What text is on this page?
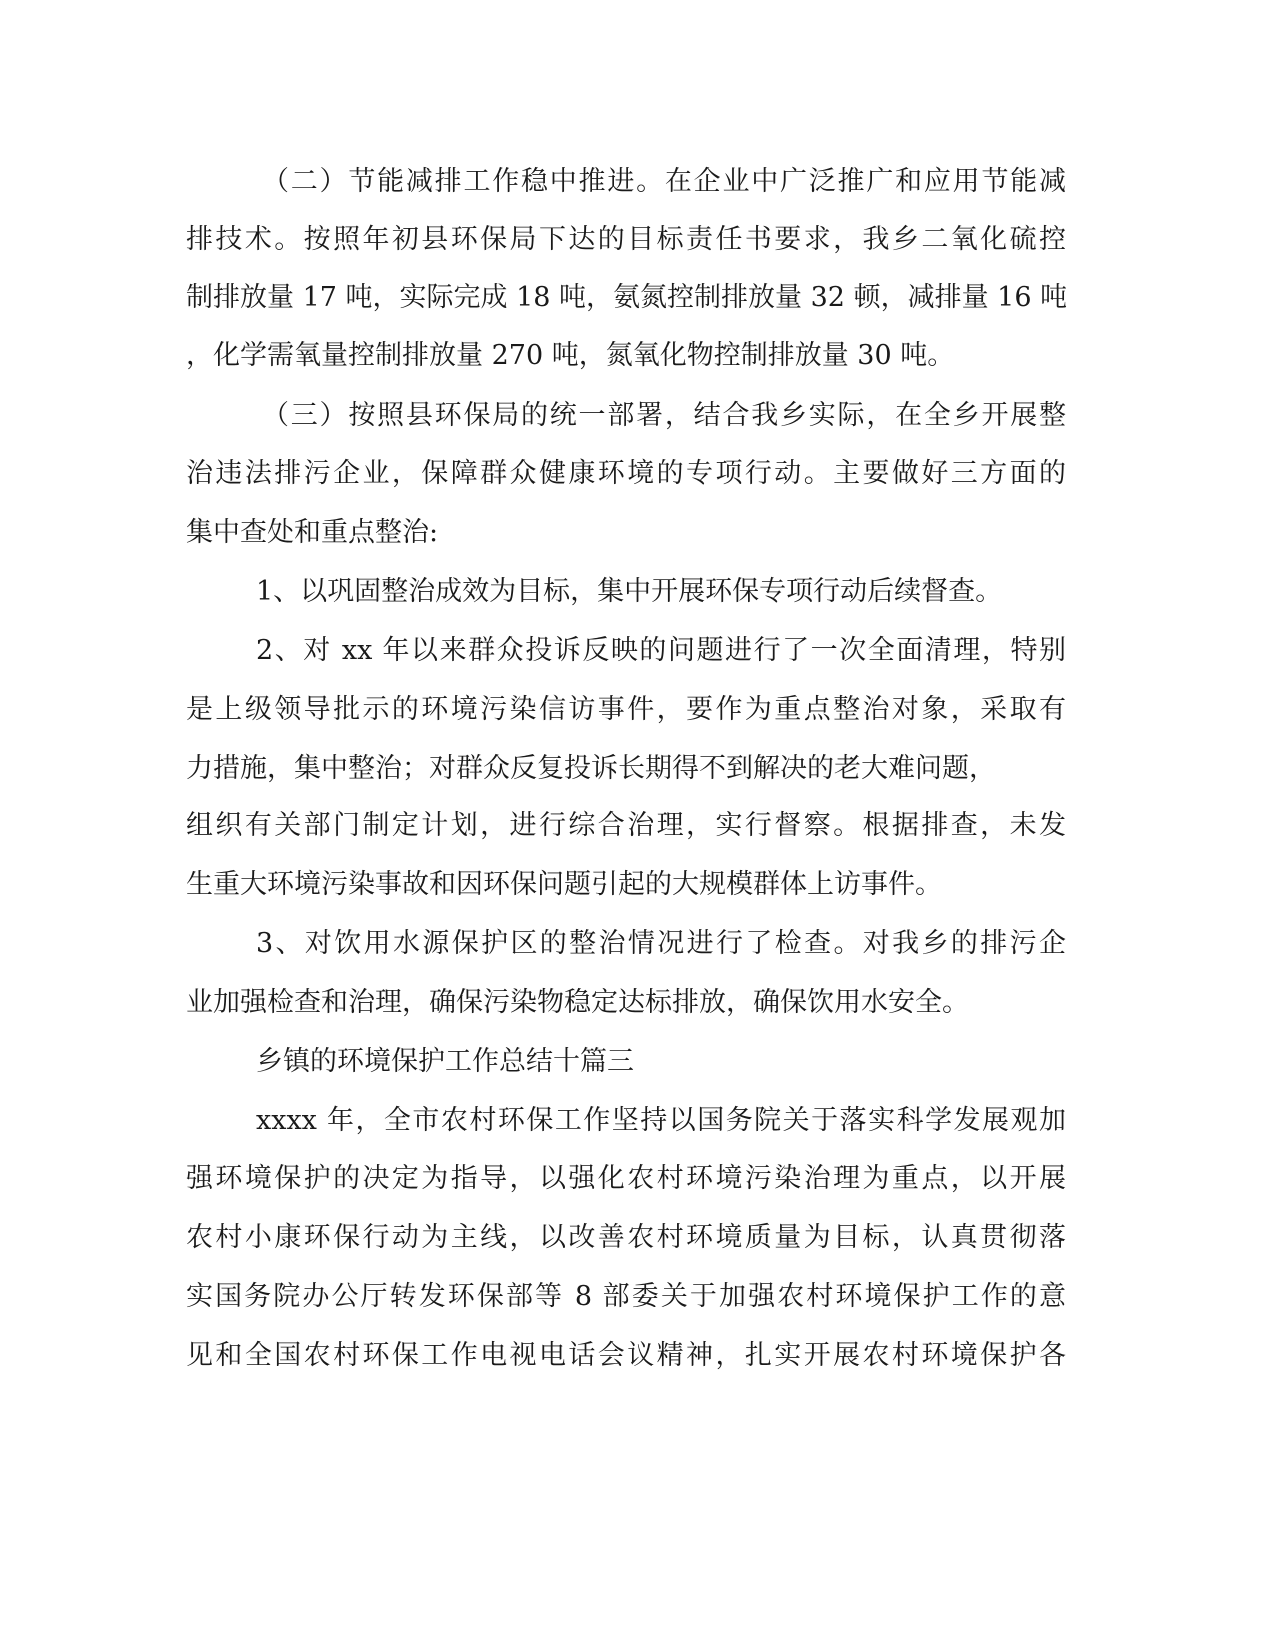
（二）节能减排工作稳中推进。在企业中广泛推广和应用节能减

排技术。按照年初县环保局下达的目标责任书要求，我乡二氧化硫控

制排放量 17 吨，实际完成 18 吨，氨氮控制排放量 32 顿，减排量 16 吨

，化学需氧量控制排放量 270 吨，氮氧化物控制排放量 30 吨。

（三）按照县环保局的统一部署，结合我乡实际，在全乡开展整

治违法排污企业，保障群众健康环境的专项行动。主要做好三方面的

集中查处和重点整治:

1、以巩固整治成效为目标，集中开展环保专项行动后续督查。

2、对 xx 年以来群众投诉反映的问题进行了一次全面清理，特别

是上级领导批示的环境污染信访事件，要作为重点整治对象，采取有

力措施，集中整治；对群众反复投诉长期得不到解决的老大难问题，

组织有关部门制定计划，进行综合治理，实行督察。根据排查，未发

生重大环境污染事故和因环保问题引起的大规模群体上访事件。

3、对饮用水源保护区的整治情况进行了检查。对我乡的排污企

业加强检查和治理，确保污染物稳定达标排放，确保饮用水安全。

乡镇的环境保护工作总结十篇三

xxxx 年，全市农村环保工作坚持以国务院关于落实科学发展观加

强环境保护的决定为指导，以强化农村环境污染治理为重点，以开展

农村小康环保行动为主线，以改善农村环境质量为目标，认真贯彻落

实国务院办公厅转发环保部等 8 部委关于加强农村环境保护工作的意

见和全国农村环保工作电视电话会议精神，扎实开展农村环境保护各
